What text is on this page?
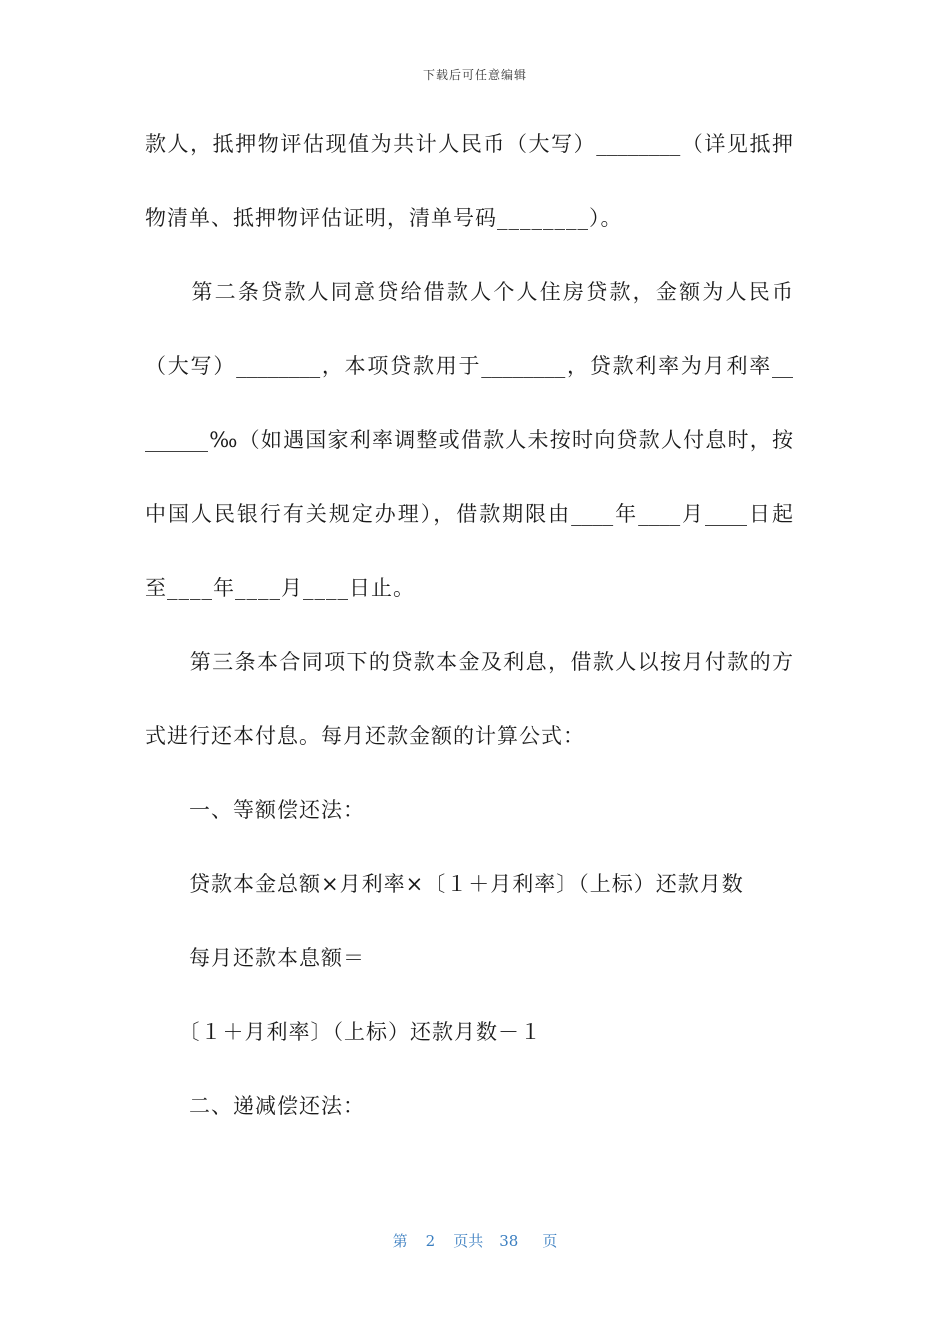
下载后可任意编辑
款人，抵押物评估现值为共计人民币（大写）________（详见抵押
物清单、抵押物评估证明，清单号码________）。
　　第二条贷款人同意贷给借款人个人住房贷款，金额为人民币
（大写）________，本项贷款用于________，贷款利率为月利率__
______‰（如遇国家利率调整或借款人未按时向贷款人付息时，按
中国人民银行有关规定办理），借款期限由____年____月____日起
至____年____月____日止。
　　第三条本合同项下的贷款本金及利息，借款人以按月付款的方
式进行还本付息。每月还款金额的计算公式：
　　一、等额偿还法：
　　贷款本金总额×月利率×〔１＋月利率〕（上标）还款月数
　　每月还款本息额＝
　　〔１＋月利率〕（上标）还款月数－１
　　二、递减偿还法：
第 2 页共 38 页
